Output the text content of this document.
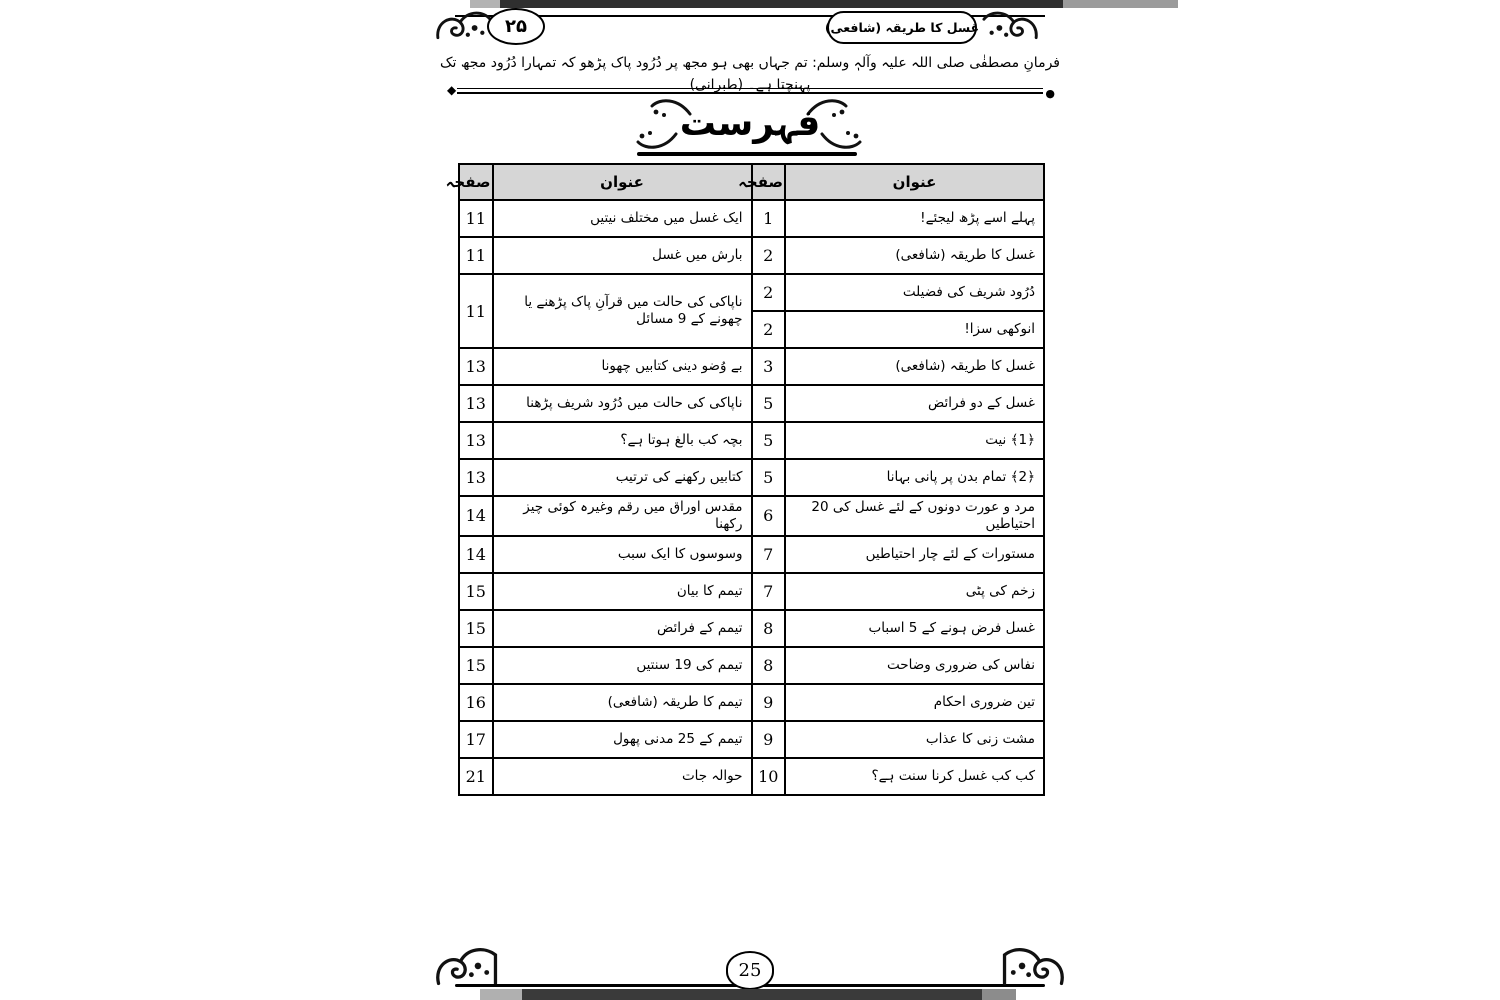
۲۵	غسل کا طریقہ (شافعی)
فرمانِ مصطفٰی صلی اللہ علیہ وآلہٖ وسلم: تم جہاں بھی ہو مجھ پر دُرُود پاک پڑھو کہ تمہارا دُرُود مجھ تک پہنچتا ہے۔ (طبرانی)
◆	●
فہرست
عنوان	صفحہ	عنوان	صفحہ
پہلے اسے پڑھ لیجئے!	1	ایک غسل میں مختلف نیتیں	11
غسل کا طریقہ (شافعی)	2	بارش میں غسل	11
دُرُود شریف کی فضیلت	2	ناپاکی کی حالت میں قرآنِ پاک پڑھنے یا چھونے کے 9 مسائل	11
انوکھی سزا!	2		
غسل کا طریقہ (شافعی)	3	بے وُضو دینی کتابیں چھونا	13
غسل کے دو فرائض	5	ناپاکی کی حالت میں دُرُود شریف پڑھنا	13
﴿1﴾ نیت	5	بچہ کب بالغ ہوتا ہے؟	13
﴿2﴾ تمام بدن پر پانی بہانا	5	کتابیں رکھنے کی ترتیب	13
مرد و عورت دونوں کے لئے غسل کی 20 احتیاطیں	6	مقدس اوراق میں رقم وغیرہ کوئی چیز رکھنا	14
مستورات کے لئے چار احتیاطیں	7	وسوسوں کا ایک سبب	14
زخم کی پٹی	7	تیمم کا بیان	15
غسل فرض ہونے کے 5 اسباب	8	تیمم کے فرائض	15
نفاس کی ضروری وضاحت	8	تیمم کی 19 سنتیں	15
تین ضروری احکام	9	تیمم کا طریقہ (شافعی)	16
مشت زنی کا عذاب	9	تیمم کے 25 مدنی پھول	17
کب کب غسل کرنا سنت ہے؟	10	حوالہ جات	21
25
